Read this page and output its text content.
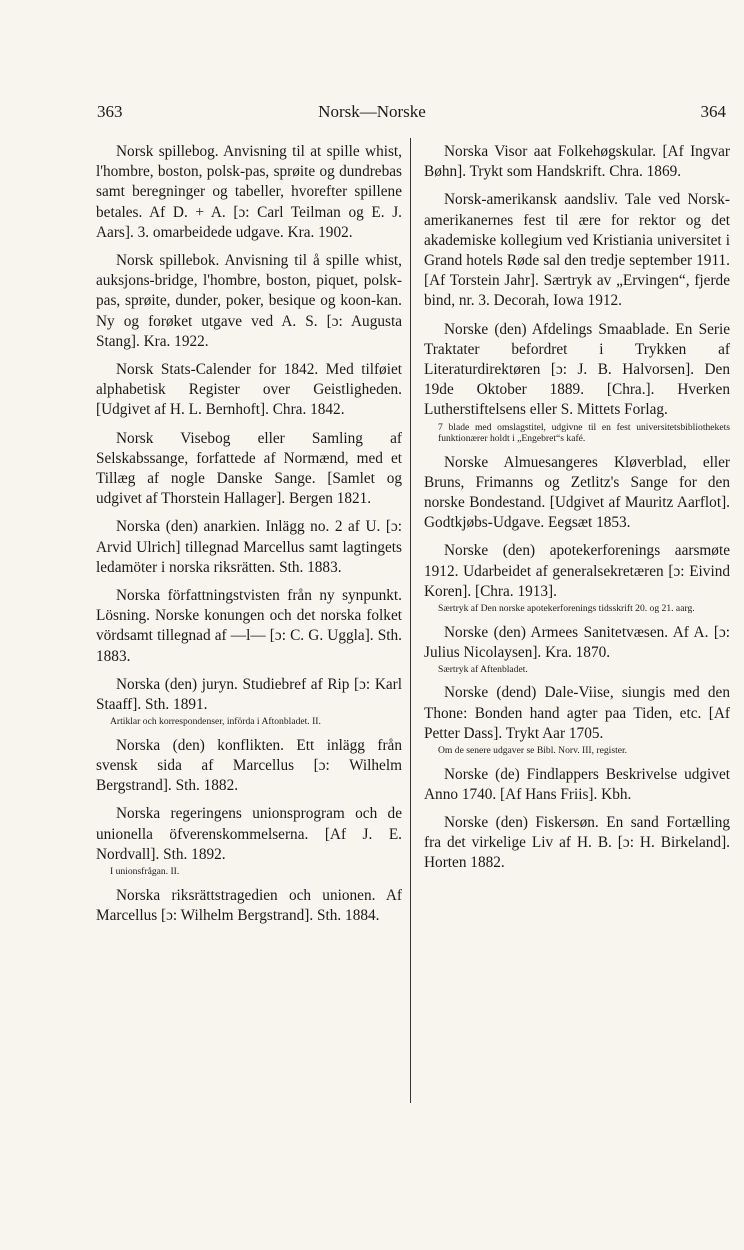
363	Norsk—Norske	364

Norsk spillebog. Anvisning til at spille whist, l'hombre, boston, polsk-pas, sprøite og dundrebas samt beregninger og tabeller, hvorefter spillene betales. Af D. + A. [ɔ: Carl Teilman og E. J. Aars]. 3. omarbeidede udgave. Kra. 1902.

Norsk spillebok. Anvisning til å spille whist, auksjons-bridge, l'hombre, boston, piquet, polsk-pas, sprøite, dunder, poker, besique og koon-kan. Ny og forøket utgave ved A. S. [ɔ: Augusta Stang]. Kra. 1922.

Norsk Stats-Calender for 1842. Med tilføiet alphabetisk Register over Geistligheden. [Udgivet af H. L. Bernhoft]. Chra. 1842.

Norsk Visebog eller Samling af Selskabssange, forfattede af Normænd, med et Tillæg af nogle Danske Sange. [Samlet og udgivet af Thorstein Hallager]. Bergen 1821.

Norska (den) anarkien. Inlägg no. 2 af U. [ɔ: Arvid Ulrich] tillegnad Marcellus samt lagtingets ledamöter i norska riksrätten. Sth. 1883.

Norska författningstvisten från ny synpunkt. Lösning. Norske konungen och det norska folket vördsamt tillegnad af —l— [ɔ: C. G. Uggla]. Sth. 1883.

Norska (den) juryn. Studiebref af Rip [ɔ: Karl Staaff]. Sth. 1891.

Artiklar och korrespondenser, införda i Aftonbladet. II.

Norska (den) konflikten. Ett inlägg från svensk sida af Marcellus [ɔ: Wilhelm Bergstrand]. Sth. 1882.

Norska regeringens unionsprogram och de unionella öfverenskommelserna. [Af J. E. Nordvall]. Sth. 1892.

I unionsfrågan. II.

Norska riksrättstragedien och unionen. Af Marcellus [ɔ: Wilhelm Bergstrand]. Sth. 1884.

Norska Visor aat Folkehøgskular. [Af Ingvar Bøhn]. Trykt som Handskrift. Chra. 1869.

Norsk-amerikansk aandsliv. Tale ved Norsk-amerikanernes fest til ære for rektor og det akademiske kollegium ved Kristiania universitet i Grand hotels Røde sal den tredje september 1911. [Af Torstein Jahr]. Særtryk av „Ervingen“, fjerde bind, nr. 3. Decorah, Iowa 1912.

Norske (den) Afdelings Smaablade. En Serie Traktater befordret i Trykken af Literaturdirektøren [ɔ: J. B. Halvorsen]. Den 19de Oktober 1889. [Chra.]. Hverken Lutherstiftelsens eller S. Mittets Forlag.

7 blade med omslagstitel, udgivne til en fest universitetsbibliothekets funktionærer holdt i „Engebret“s kafé.

Norske Almuesangeres Kløverblad, eller Bruns, Frimanns og Zetlitz's Sange for den norske Bondestand. [Udgivet af Mauritz Aarflot]. Godtkjøbs-Udgave. Eegsæt 1853.

Norske (den) apotekerforenings aarsmøte 1912. Udarbeidet af generalsekretæren [ɔ: Eivind Koren]. [Chra. 1913].

Særtryk af Den norske apotekerforenings tidsskrift 20. og 21. aarg.

Norske (den) Armees Sanitetvæsen. Af A. [ɔ: Julius Nicolaysen]. Kra. 1870.

Særtryk af Aftenbladet.

Norske (dend) Dale-Viise, siungis med den Thone: Bonden hand agter paa Tiden, etc. [Af Petter Dass]. Trykt Aar 1705.

Om de senere udgaver se Bibl. Norv. III, register.

Norske (de) Findlappers Beskrivelse udgivet Anno 1740. [Af Hans Friis]. Kbh.

Norske (den) Fiskersøn. En sand Fortælling fra det virkelige Liv af H. B. [ɔ: H. Birkeland]. Horten 1882.
